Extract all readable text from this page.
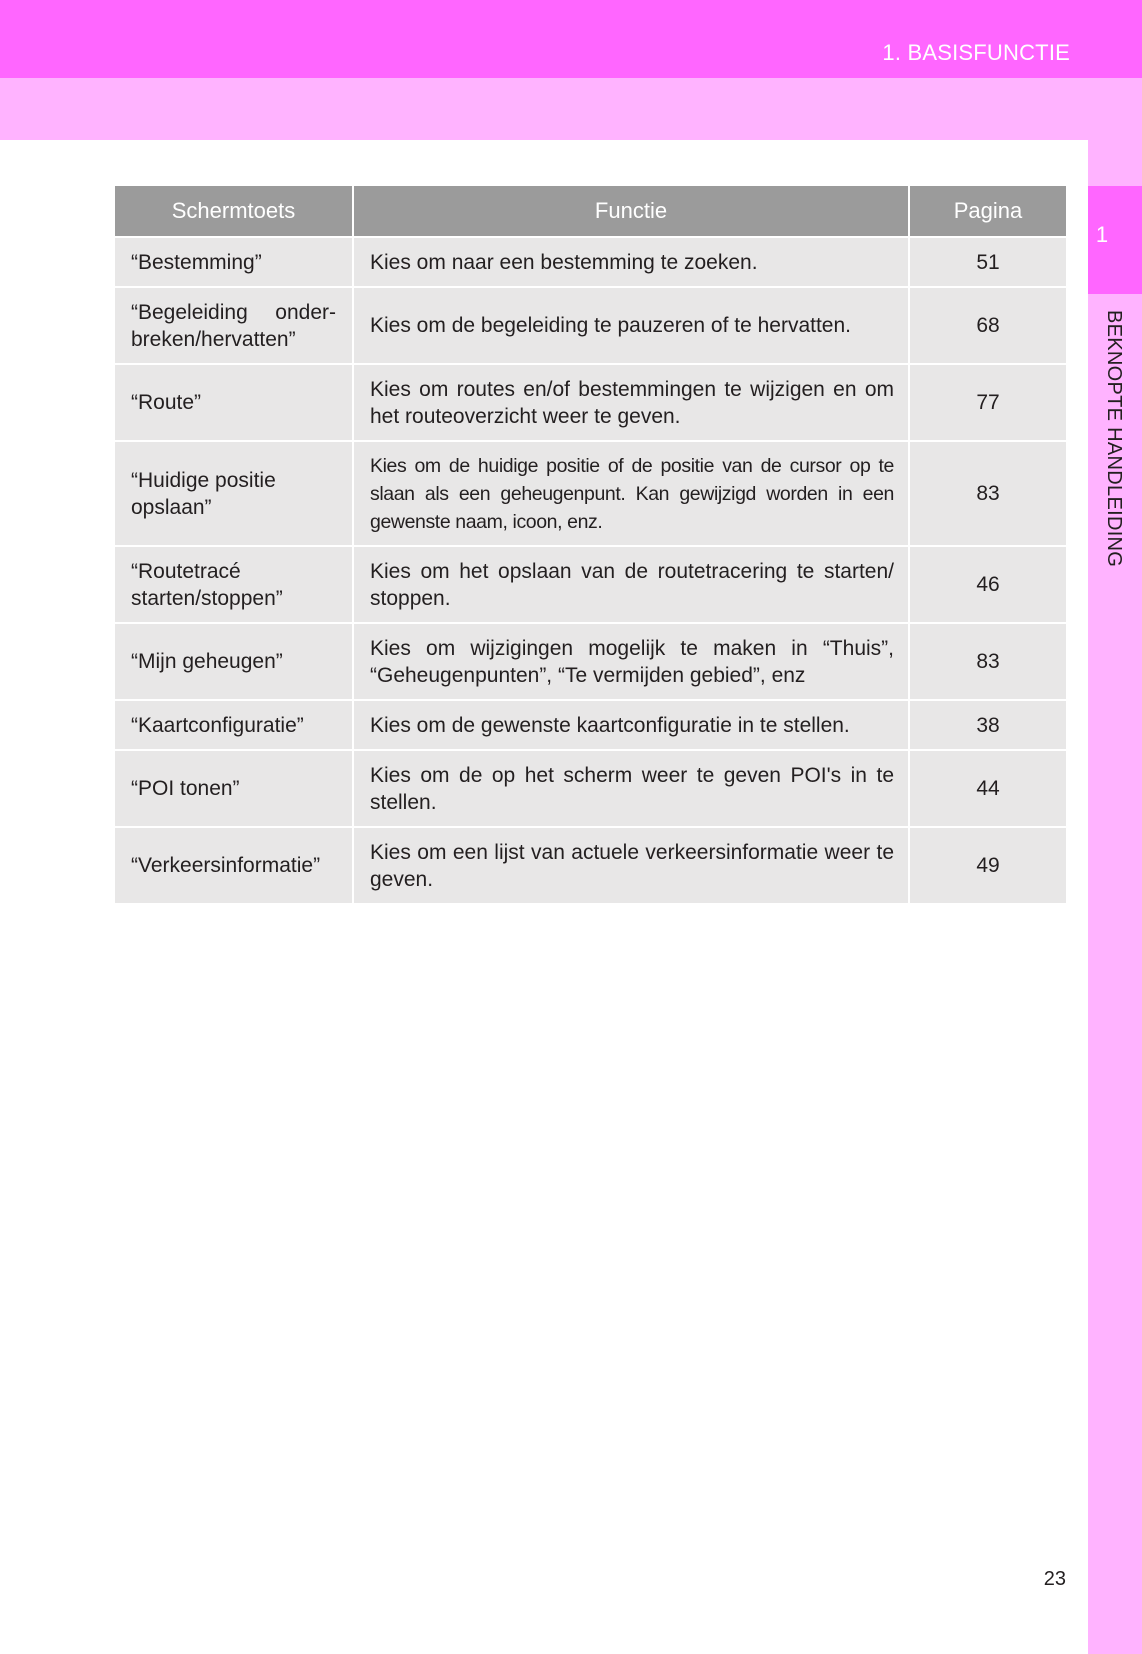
1. BASISFUNCTIE
1
BEKNOPTE HANDLEIDING
Schermtoets	Functie	Pagina
“Bestemming”	Kies om naar een bestemming te zoeken.	51
“Begeleiding onder-breken/hervatten”	Kies om de begeleiding te pauzeren of te hervatten.	68
“Route”	Kies om routes en/of bestemmingen te wijzigen en om het routeoverzicht weer te geven.	77
“Huidige positie opslaan”	Kies om de huidige positie of de positie van de cursor op te slaan als een geheugenpunt. Kan gewijzigd worden in een gewenste naam, icoon, enz.	83
“Routetracé starten/stoppen”	Kies om het opslaan van de routetracering te starten/ stoppen.	46
“Mijn geheugen”	Kies om wijzigingen mogelijk te maken in “Thuis”, “Geheugenpunten”, “Te vermijden gebied”, enz	83
“Kaartconfiguratie”	Kies om de gewenste kaartconfiguratie in te stellen.	38
“POI tonen”	Kies om de op het scherm weer te geven POI's in te stellen.	44
“Verkeersinformatie”	Kies om een lijst van actuele verkeersinformatie weer te geven.	49
23
